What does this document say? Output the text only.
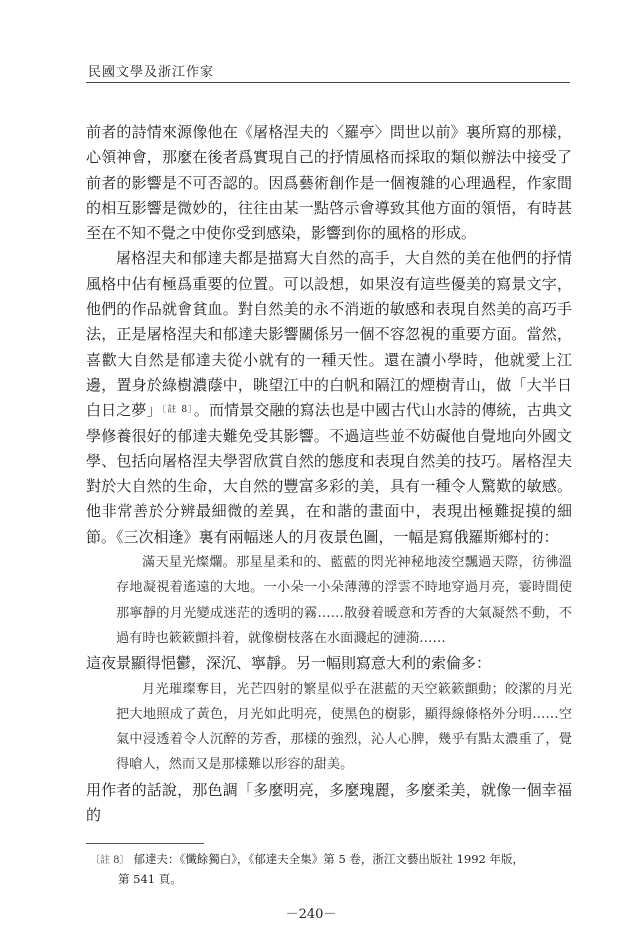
民國文學及浙江作家

前者的詩情來源像他在《屠格涅夫的〈羅亭〉問世以前》裏所寫的那樣，心領神會，那麼在後者爲實現自己的抒情風格而採取的類似辦法中接受了前者的影響是不可否認的。因爲藝術創作是一個複雜的心理過程，作家間的相互影響是微妙的，往往由某一點啓示會導致其他方面的領悟，有時甚至在不知不覺之中使你受到感染，影響到你的風格的形成。

屠格涅夫和郁達夫都是描寫大自然的高手，大自然的美在他們的抒情風格中佔有極爲重要的位置。可以設想，如果沒有這些優美的寫景文字，他們的作品就會貧血。對自然美的永不消逝的敏感和表現自然美的高巧手法，正是屠格涅夫和郁達夫影響關係另一個不容忽視的重要方面。當然，喜歡大自然是郁達夫從小就有的一種天性。還在讀小學時，他就愛上江邊，置身於綠樹濃蔭中，眺望江中的白帆和隔江的煙樹青山，做「大半日白日之夢」$^{〔註 8〕}$。而情景交融的寫法也是中國古代山水詩的傳統，古典文學修養很好的郁達夫難免受其影響。不過這些並不妨礙他自覺地向外國文學、包括向屠格涅夫學習欣賞自然的態度和表現自然美的技巧。屠格涅夫對於大自然的生命，大自然的豐富多彩的美，具有一種令人驚歎的敏感。他非常善於分辨最細微的差異，在和諧的畫面中，表現出極難捉摸的細節。《三次相逢》裏有兩幅迷人的月夜景色圖，一幅是寫俄羅斯鄉村的：

滿天星光燦爛。那星星柔和的、藍藍的閃光神秘地淩空飄過天際，彷彿溫存地凝視着遙遠的大地。一小朵一小朵薄薄的浮雲不時地穿過月亮，霎時間使那寧靜的月光變成迷茫的透明的霧……散發着暖意和芳香的大氣凝然不動，不過有時也簌簌顫抖着，就像樹枝落在水面濺起的漣漪……

這夜景顯得悒鬱，深沉、寧靜。另一幅則寫意大利的索倫多：

月光璀璨奪目，光芒四射的繁星似乎在湛藍的天空簌簌顫動；皎潔的月光把大地照成了黃色，月光如此明亮，使黑色的樹影，顯得線條格外分明……空氣中浸透着令人沉醉的芳香，那樣的強烈，沁人心脾，幾乎有點太濃重了，覺得嗆人，然而又是那樣難以形容的甜美。

用作者的話說，那色調「多麼明亮，多麼瑰麗，多麼柔美，就像一個幸福的

〔註 8〕 郁達夫：《懺餘獨白》，《郁達夫全集》第 5 卷，浙江文藝出版社 1992 年版，
第 541 頁。
－240－
